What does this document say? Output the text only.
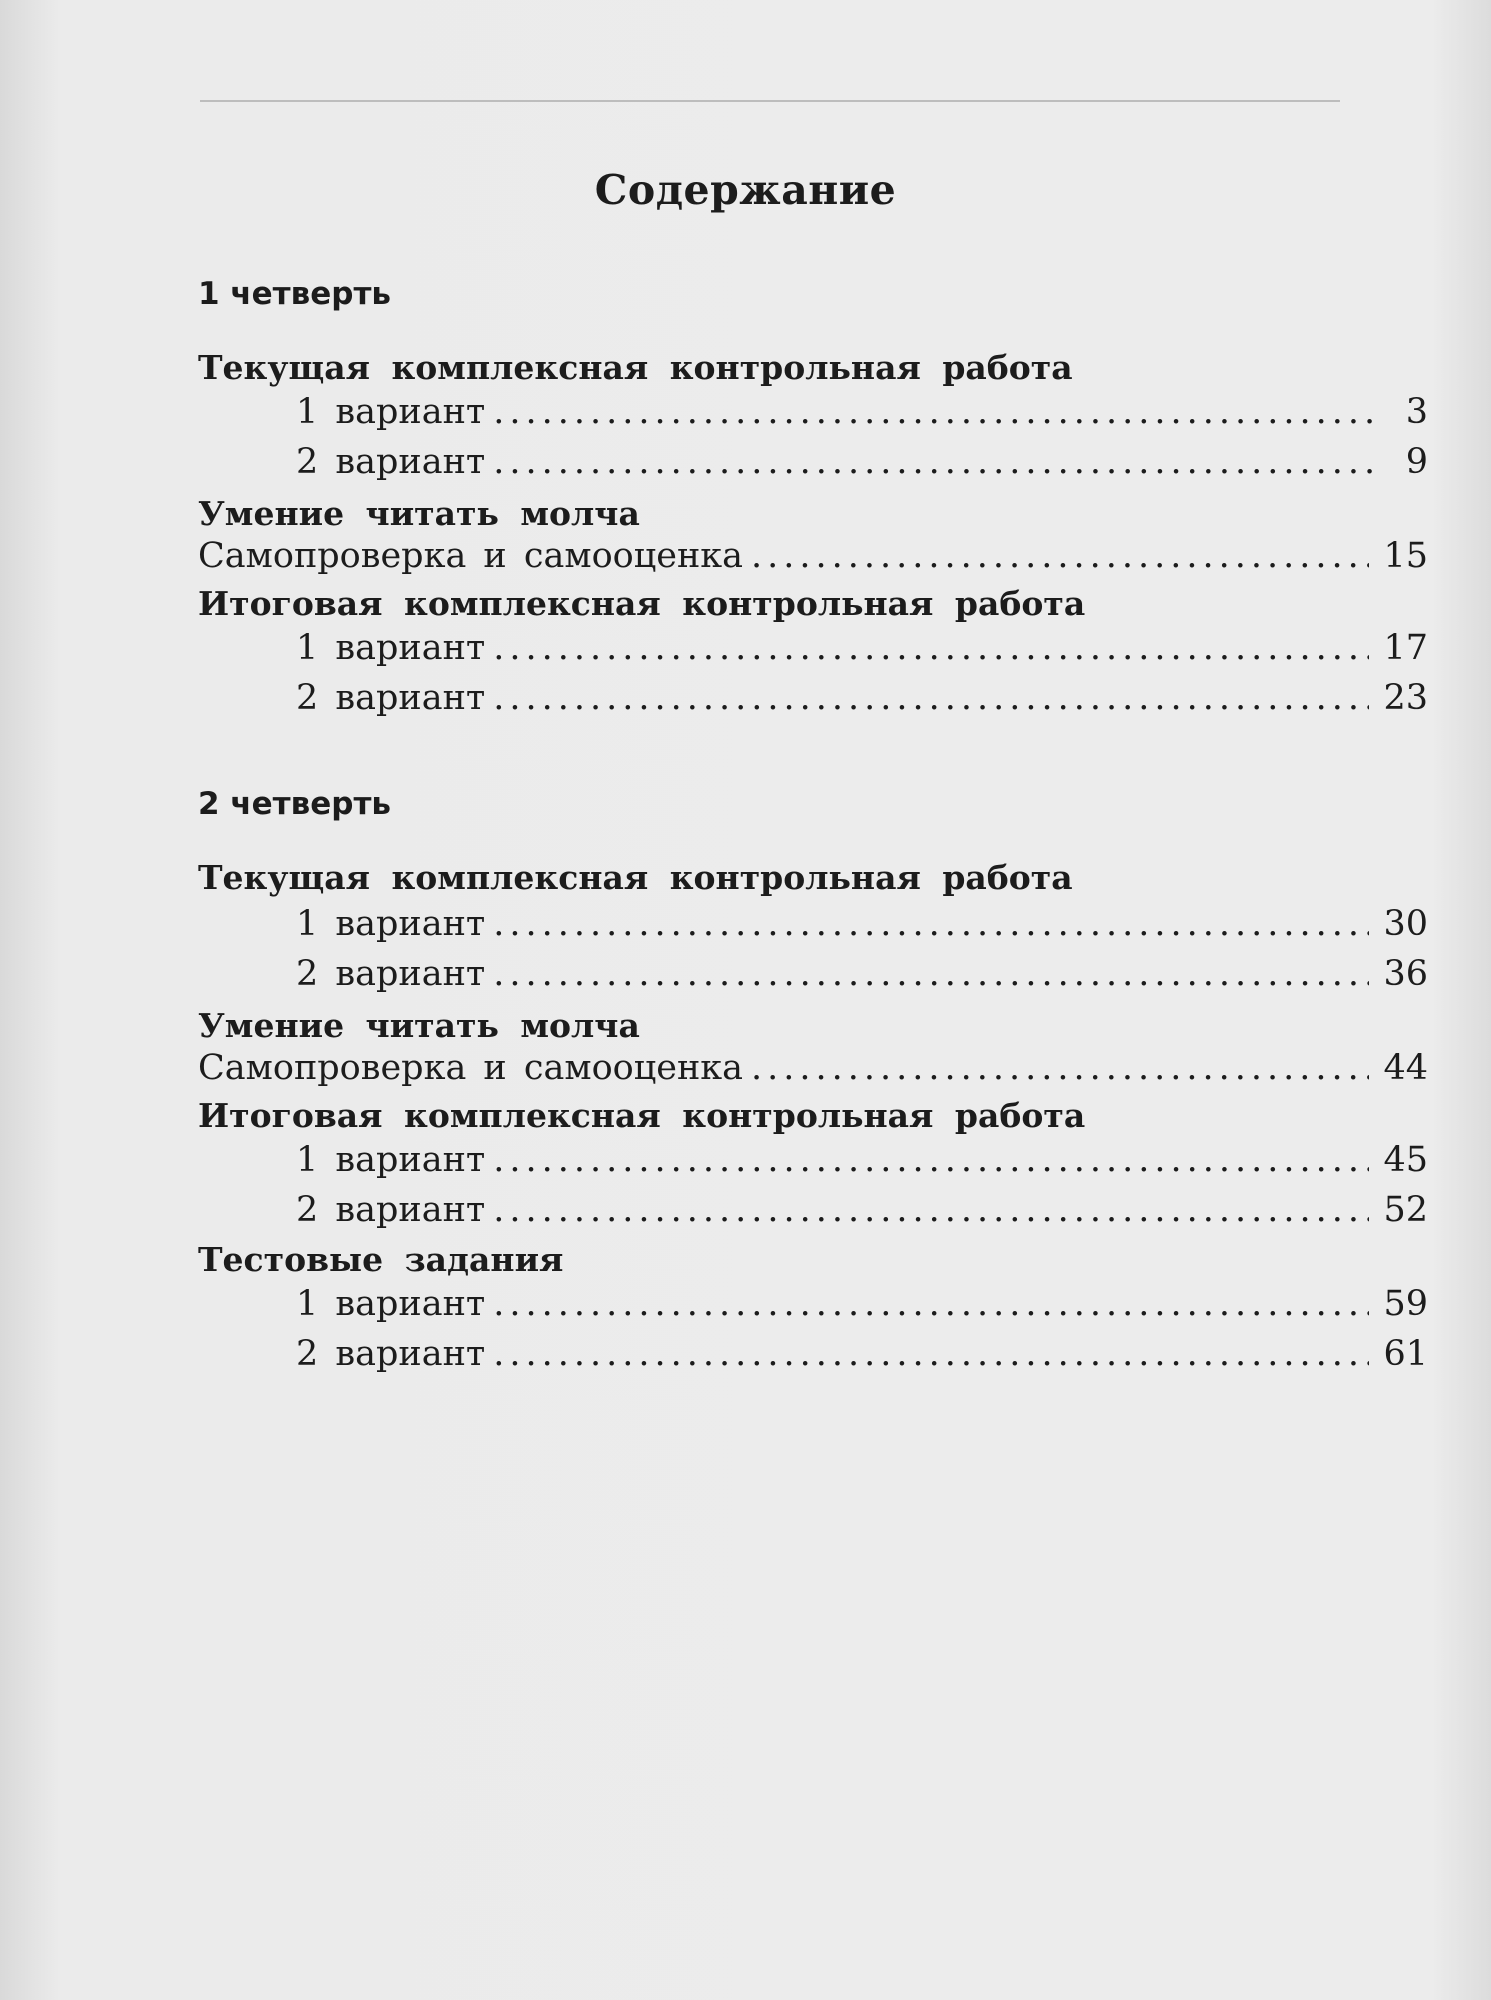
Содержание
1 четверть
Текущая комплексная контрольная работа
1 вариант .....	3
2 вариант .....	9
Умение читать молча
Самопроверка и самооценка .....	15
Итоговая комплексная контрольная работа
1 вариант .....	17
2 вариант .....	23
2 четверть
Текущая комплексная контрольная работа
1 вариант .....	30
2 вариант .....	36
Умение читать молча
Самопроверка и самооценка .....	44
Итоговая комплексная контрольная работа
1 вариант .....	45
2 вариант .....	52
Тестовые задания
1 вариант .....	59
2 вариант .....	61
